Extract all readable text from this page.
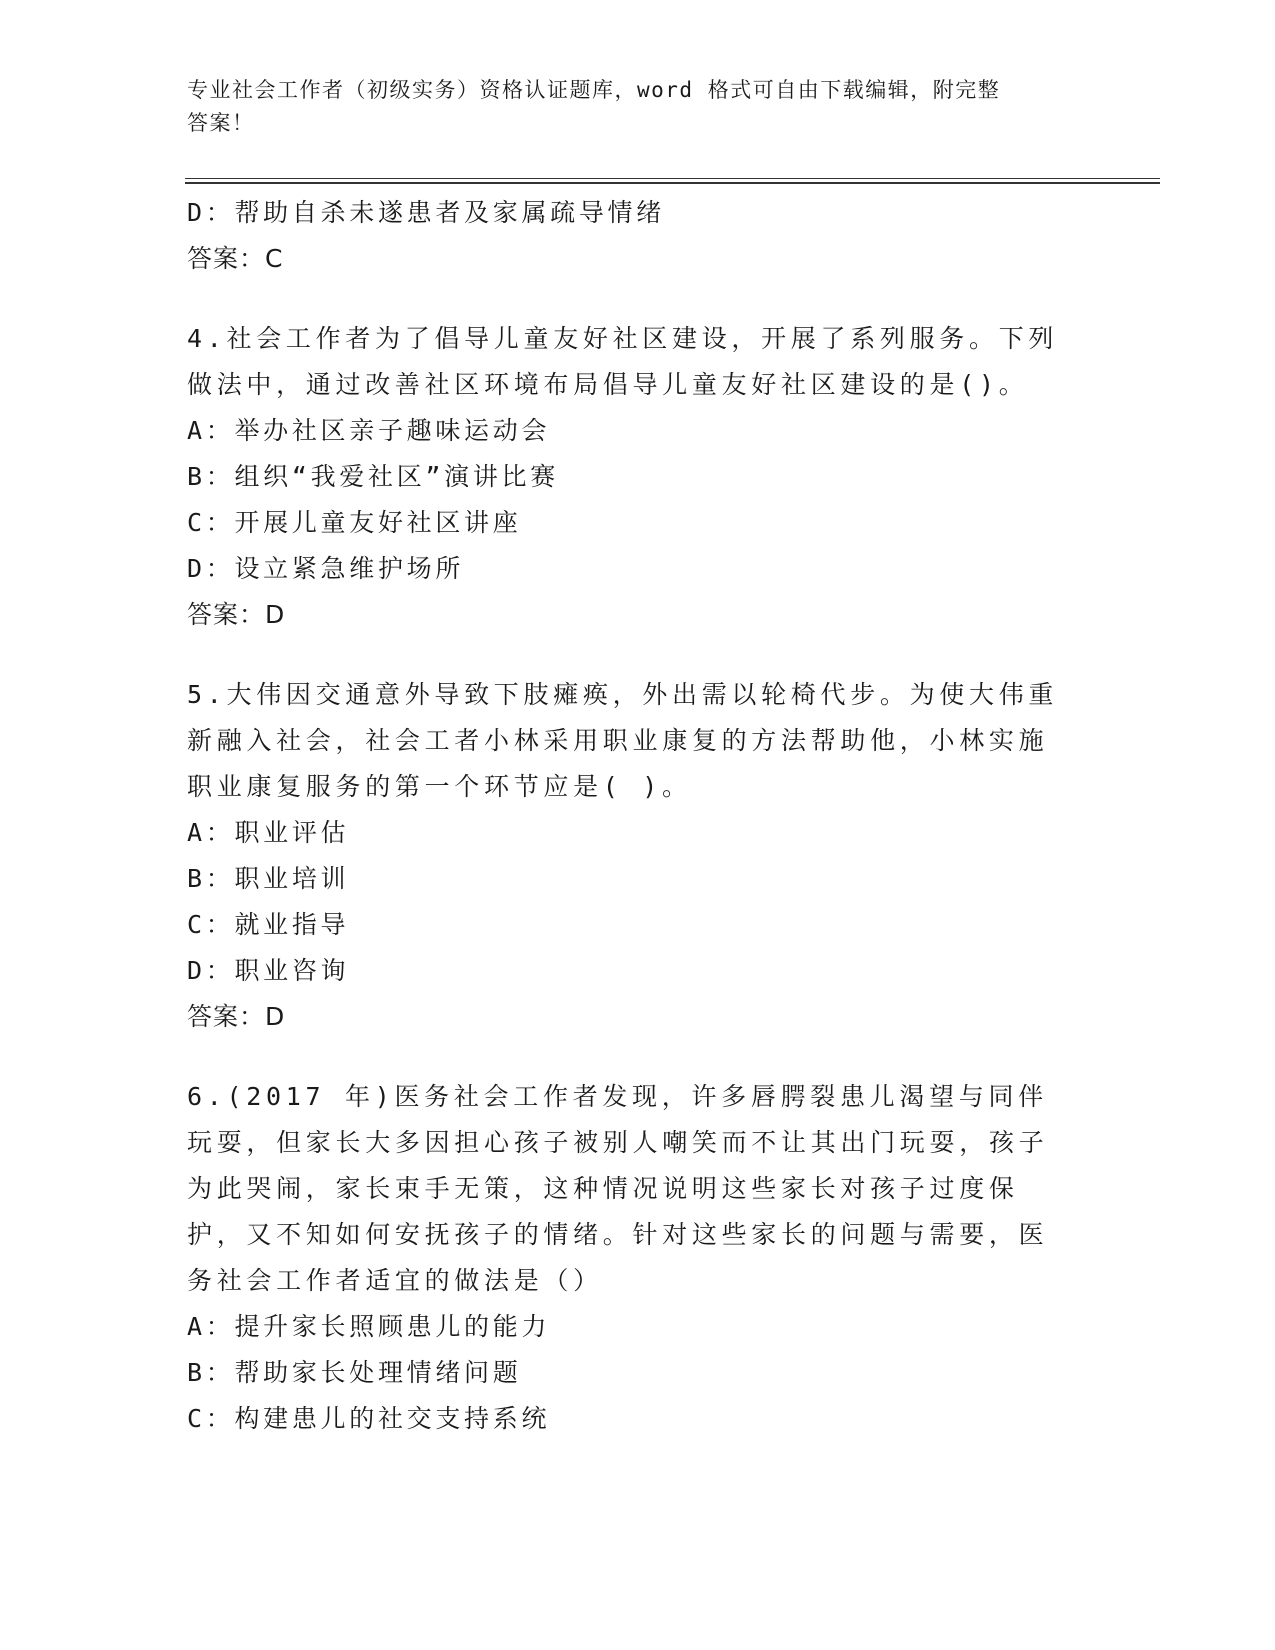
专业社会工作者（初级实务）资格认证题库，word 格式可自由下载编辑，附完整
答案！

D：帮助自杀未遂患者及家属疏导情绪

答案：C

4.社会工作者为了倡导儿童友好社区建设，开展了系列服务。下列做法中，通过改善社区环境布局倡导儿童友好社区建设的是()。

A：举办社区亲子趣味运动会

B：组织“我爱社区”演讲比赛

C：开展儿童友好社区讲座

D：设立紧急维护场所

答案：D

5.大伟因交通意外导致下肢瘫痪，外出需以轮椅代步。为使大伟重新融入社会，社会工者小林采用职业康复的方法帮助他，小林实施职业康复服务的第一个环节应是( )。

A：职业评估

B：职业培训

C：就业指导

D：职业咨询

答案：D

6.(2017 年)医务社会工作者发现，许多唇腭裂患儿渴望与同伴玩耍，但家长大多因担心孩子被别人嘲笑而不让其出门玩耍，孩子为此哭闹，家长束手无策，这种情况说明这些家长对孩子过度保护，又不知如何安抚孩子的情绪。针对这些家长的问题与需要，医务社会工作者适宜的做法是（）

A：提升家长照顾患儿的能力

B：帮助家长处理情绪问题

C：构建患儿的社交支持系统
